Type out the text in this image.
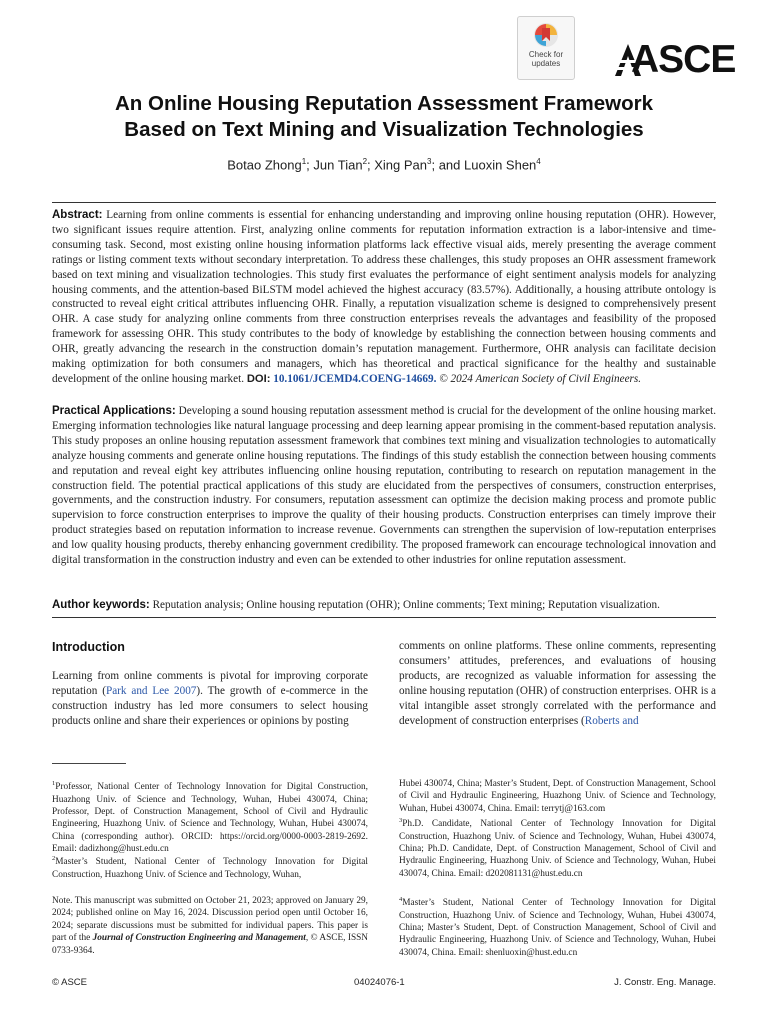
Check for
updates	ASCE
An Online Housing Reputation Assessment Framework
Based on Text Mining and Visualization Technologies
Botao Zhong$^1$; Jun Tian$^2$; Xing Pan$^3$; and Luoxin Shen$^4$
Abstract: Learning from online comments is essential for enhancing understanding and improving online housing reputation (OHR). However, two significant issues require attention. First, analyzing online comments for reputation information extraction is a labor-intensive and time-consuming task. Second, most existing online housing information platforms lack effective visual aids, merely presenting the average comment ratings or listing comment texts without secondary interpretation. To address these challenges, this study proposes an OHR assessment framework based on text mining and visualization technologies. This study first evaluates the performance of eight sentiment analysis models for analyzing housing comments, and the attention-based BiLSTM model achieved the highest accuracy (83.57%). Additionally, a housing attribute ontology is constructed to reveal eight critical attributes influencing OHR. Finally, a reputation visualization scheme is designed to comprehensively present OHR. A case study for analyzing online comments from three construction enterprises reveals the advantages and feasibility of the proposed framework for assessing OHR. This study contributes to the body of knowledge by establishing the connection between housing comments and OHR, greatly advancing the research in the construction domain’s reputation management. Furthermore, OHR analysis can facilitate decision making optimization for both consumers and managers, which has theoretical and practical significance for the healthy and sustainable development of the online housing market. DOI: 10.1061/JCEMD4.COENG-14669. © 2024 American Society of Civil Engineers.
Practical Applications: Developing a sound housing reputation assessment method is crucial for the development of the online housing market. Emerging information technologies like natural language processing and deep learning appear promising in the comment-based reputation analysis. This study proposes an online housing reputation assessment framework that combines text mining and visualization technologies to automatically analyze housing comments and generate online housing reputations. The findings of this study establish the connection between housing comments and reputation and reveal eight key attributes influencing online housing reputation, contributing to research on reputation management in the construction field. The potential practical applications of this study are elucidated from the perspectives of consumers, construction enterprises, governments, and the construction industry. For consumers, reputation assessment can optimize the decision making process and promote public supervision to force construction enterprises to improve the quality of their housing products. Construction enterprises can timely improve their product strategies based on reputation information to increase revenue. Governments can strengthen the supervision of low-reputation enterprises and low quality housing products, thereby enhancing government credibility. The proposed framework can encourage technological innovation and digital transformation in the construction industry and even can be extended to other industries for online reputation assessment.
Author keywords: Reputation analysis; Online housing reputation (OHR); Online comments; Text mining; Reputation visualization.
Introduction
Learning from online comments is pivotal for improving corporate reputation (Park and Lee 2007). The growth of e-commerce in the construction industry has led more consumers to select housing products online and share their experiences or opinions by posting
comments on online platforms. These online comments, representing consumers’ attitudes, preferences, and evaluations of housing products, are recognized as valuable information for assessing the online housing reputation (OHR) of construction enterprises. OHR is a vital intangible asset strongly correlated with the performance and development of construction enterprises (Roberts and
$^1$Professor, National Center of Technology Innovation for Digital Construction, Huazhong Univ. of Science and Technology, Wuhan, Hubei 430074, China; Professor, Dept. of Construction Management, School of Civil and Hydraulic Engineering, Huazhong Univ. of Science and Technology, Wuhan, Hubei 430074, China (corresponding author). ORCID: https://orcid.org/0000-0003-2819-2692. Email: dadizhong@hust.edu.cn
$^2$Master’s Student, National Center of Technology Innovation for Digital Construction, Huazhong Univ. of Science and Technology, Wuhan,
Note. This manuscript was submitted on October 21, 2023; approved on January 29, 2024; published online on May 16, 2024. Discussion period open until October 16, 2024; separate discussions must be submitted for individual papers. This paper is part of the Journal of Construction Engineering and Management, © ASCE, ISSN 0733-9364.
Hubei 430074, China; Master’s Student, Dept. of Construction Management, School of Civil and Hydraulic Engineering, Huazhong Univ. of Science and Technology, Wuhan, Hubei 430074, China. Email: terrytj@163.com
$^3$Ph.D. Candidate, National Center of Technology Innovation for Digital Construction, Huazhong Univ. of Science and Technology, Wuhan, Hubei 430074, China; Ph.D. Candidate, Dept. of Construction Management, School of Civil and Hydraulic Engineering, Huazhong Univ. of Science and Technology, Wuhan, Hubei 430074, China. Email: d202081131@hust.edu.cn
$^4$Master’s Student, National Center of Technology Innovation for Digital Construction, Huazhong Univ. of Science and Technology, Wuhan, Hubei 430074, China; Master’s Student, Dept. of Construction Management, School of Civil and Hydraulic Engineering, Huazhong Univ. of Science and Technology, Wuhan, Hubei 430074, China. Email: shenluoxin@hust.edu.cn
© ASCE	04024076-1	J. Constr. Eng. Manage.
